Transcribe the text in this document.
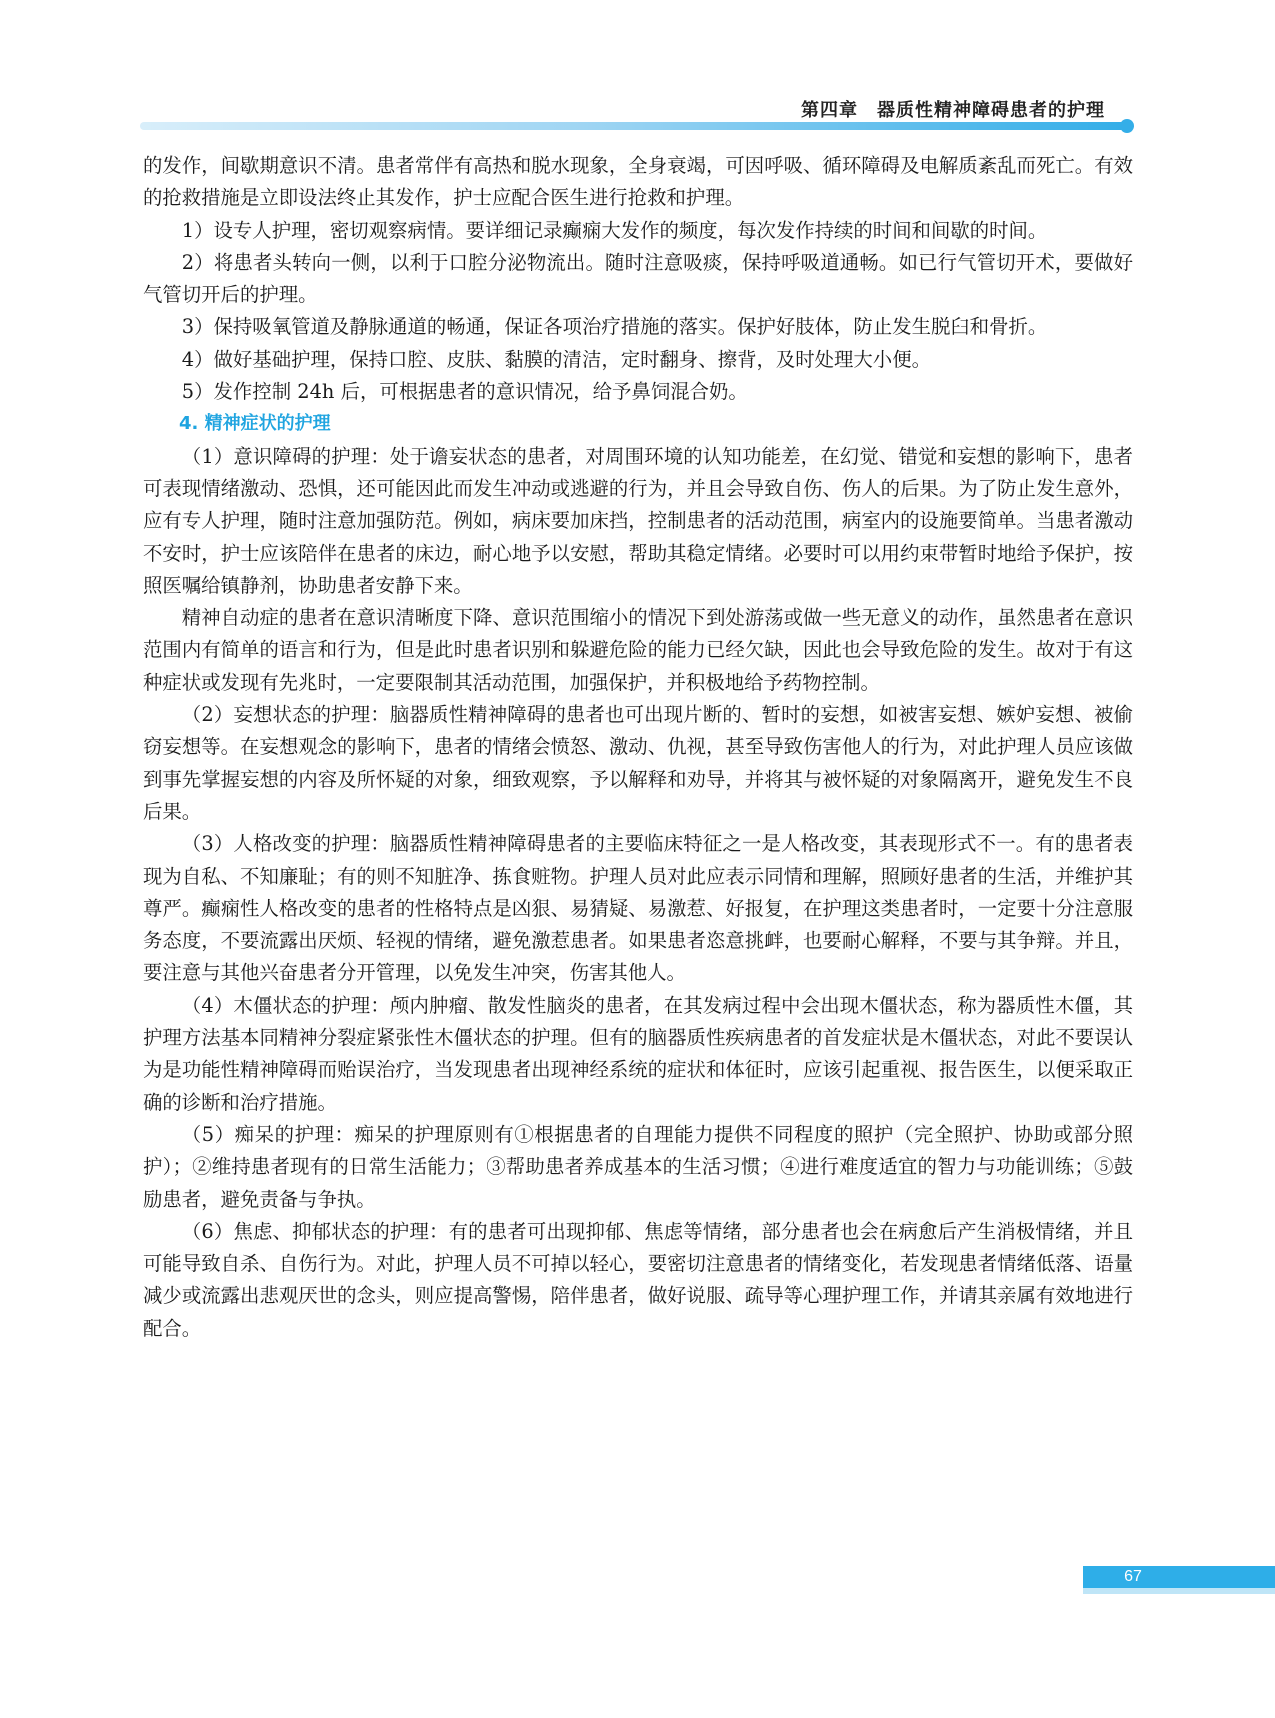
第四章　器质性精神障碍患者的护理

的发作，间歇期意识不清。患者常伴有高热和脱水现象，全身衰竭，可因呼吸、循环障碍及电解质紊乱而死亡。有效的抢救措施是立即设法终止其发作，护士应配合医生进行抢救和护理。

1）设专人护理，密切观察病情。要详细记录癫痫大发作的频度，每次发作持续的时间和间歇的时间。

2）将患者头转向一侧，以利于口腔分泌物流出。随时注意吸痰，保持呼吸道通畅。如已行气管切开术，要做好气管切开后的护理。

3）保持吸氧管道及静脉通道的畅通，保证各项治疗措施的落实。保护好肢体，防止发生脱臼和骨折。

4）做好基础护理，保持口腔、皮肤、黏膜的清洁，定时翻身、擦背，及时处理大小便。

5）发作控制 24h 后，可根据患者的意识情况，给予鼻饲混合奶。

4. 精神症状的护理

（1）意识障碍的护理：处于谵妄状态的患者，对周围环境的认知功能差，在幻觉、错觉和妄想的影响下，患者可表现情绪激动、恐惧，还可能因此而发生冲动或逃避的行为，并且会导致自伤、伤人的后果。为了防止发生意外，应有专人护理，随时注意加强防范。例如，病床要加床挡，控制患者的活动范围，病室内的设施要简单。当患者激动不安时，护士应该陪伴在患者的床边，耐心地予以安慰，帮助其稳定情绪。必要时可以用约束带暂时地给予保护，按照医嘱给镇静剂，协助患者安静下来。

精神自动症的患者在意识清晰度下降、意识范围缩小的情况下到处游荡或做一些无意义的动作，虽然患者在意识范围内有简单的语言和行为，但是此时患者识别和躲避危险的能力已经欠缺，因此也会导致危险的发生。故对于有这种症状或发现有先兆时，一定要限制其活动范围，加强保护，并积极地给予药物控制。

（2）妄想状态的护理：脑器质性精神障碍的患者也可出现片断的、暂时的妄想，如被害妄想、嫉妒妄想、被偷窃妄想等。在妄想观念的影响下，患者的情绪会愤怒、激动、仇视，甚至导致伤害他人的行为，对此护理人员应该做到事先掌握妄想的内容及所怀疑的对象，细致观察，予以解释和劝导，并将其与被怀疑的对象隔离开，避免发生不良后果。

（3）人格改变的护理：脑器质性精神障碍患者的主要临床特征之一是人格改变，其表现形式不一。有的患者表现为自私、不知廉耻；有的则不知脏净、拣食赃物。护理人员对此应表示同情和理解，照顾好患者的生活，并维护其尊严。癫痫性人格改变的患者的性格特点是凶狠、易猜疑、易激惹、好报复，在护理这类患者时，一定要十分注意服务态度，不要流露出厌烦、轻视的情绪，避免激惹患者。如果患者恣意挑衅，也要耐心解释，不要与其争辩。并且，要注意与其他兴奋患者分开管理，以免发生冲突，伤害其他人。

（4）木僵状态的护理：颅内肿瘤、散发性脑炎的患者，在其发病过程中会出现木僵状态，称为器质性木僵，其护理方法基本同精神分裂症紧张性木僵状态的护理。但有的脑器质性疾病患者的首发症状是木僵状态，对此不要误认为是功能性精神障碍而贻误治疗，当发现患者出现神经系统的症状和体征时，应该引起重视、报告医生，以便采取正确的诊断和治疗措施。

（5）痴呆的护理：痴呆的护理原则有①根据患者的自理能力提供不同程度的照护（完全照护、协助或部分照护）；②维持患者现有的日常生活能力；③帮助患者养成基本的生活习惯；④进行难度适宜的智力与功能训练；⑤鼓励患者，避免责备与争执。

（6）焦虑、抑郁状态的护理：有的患者可出现抑郁、焦虑等情绪，部分患者也会在病愈后产生消极情绪，并且可能导致自杀、自伤行为。对此，护理人员不可掉以轻心，要密切注意患者的情绪变化，若发现患者情绪低落、语量减少或流露出悲观厌世的念头，则应提高警惕，陪伴患者，做好说服、疏导等心理护理工作，并请其亲属有效地进行配合。

67
